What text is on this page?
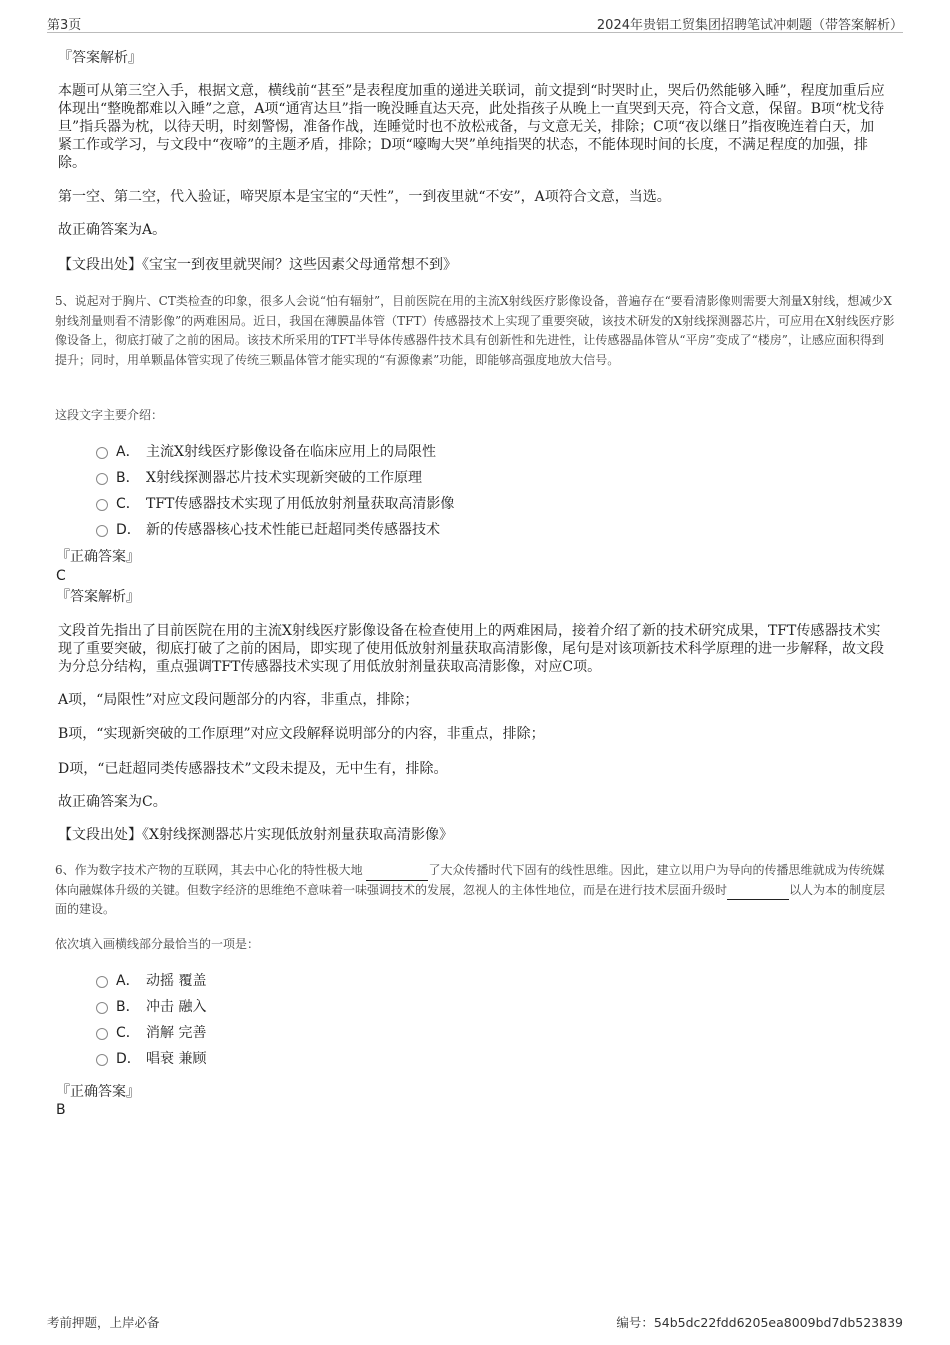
第3页	2024年贵铝工贸集团招聘笔试冲刺题（带答案解析）
『答案解析』
本题可从第三空入手，根据文意，横线前“甚至”是表程度加重的递进关联词，前文提到“时哭时止，哭后仍然能够入睡”，程度加重后应体现出“整晚都难以入睡”之意，A项“通宵达旦”指一晚没睡直达天亮，此处指孩子从晚上一直哭到天亮，符合文意，保留。B项“枕戈待旦”指兵器为枕，以待天明，时刻警惕，准备作战，连睡觉时也不放松戒备，与文意无关，排除；C项“夜以继日”指夜晚连着白天，加紧工作或学习，与文段中“夜啼”的主题矛盾，排除；D项“嚎啕大哭”单纯指哭的状态，不能体现时间的长度，不满足程度的加强，排除。
第一空、第二空，代入验证，啼哭原本是宝宝的“天性”，一到夜里就“不安”，A项符合文意，当选。
故正确答案为A。
【文段出处】《宝宝一到夜里就哭闹？这些因素父母通常想不到》
5、说起对于胸片、CT类检查的印象，很多人会说“怕有辐射”，目前医院在用的主流X射线医疗影像设备，普遍存在“要看清影像则需要大剂量X射线，想减少X射线剂量则看不清影像”的两难困局。近日，我国在薄膜晶体管（TFT）传感器技术上实现了重要突破，该技术研发的X射线探测器芯片，可应用在X射线医疗影像设备上，彻底打破了之前的困局。该技术所采用的TFT半导体传感器件技术具有创新性和先进性，让传感器晶体管从“平房”变成了“楼房”，让感应面积得到提升；同时，用单颗晶体管实现了传统三颗晶体管才能实现的“有源像素”功能，即能够高强度地放大信号。
这段文字主要介绍：
A． 主流X射线医疗影像设备在临床应用上的局限性
B． X射线探测器芯片技术实现新突破的工作原理
C． TFT传感器技术实现了用低放射剂量获取高清影像
D． 新的传感器核心技术性能已赶超同类传感器技术
『正确答案』
C
『答案解析』
文段首先指出了目前医院在用的主流X射线医疗影像设备在检查使用上的两难困局，接着介绍了新的技术研究成果，TFT传感器技术实现了重要突破，彻底打破了之前的困局，即实现了使用低放射剂量获取高清影像，尾句是对该项新技术科学原理的进一步解释，故文段为分总分结构，重点强调TFT传感器技术实现了用低放射剂量获取高清影像，对应C项。
A项，“局限性”对应文段问题部分的内容，非重点，排除；
B项，“实现新突破的工作原理”对应文段解释说明部分的内容，非重点，排除；
D项，“已赶超同类传感器技术”文段未提及，无中生有，排除。
故正确答案为C。
【文段出处】《X射线探测器芯片实现低放射剂量获取高清影像》
6、作为数字技术产物的互联网，其去中心化的特性极大地	了大众传播时代下固有的线性思维。因此，建立以用户为导向的传播思维就成为传统媒体向融媒体升级的关键。但数字经济的思维绝不意味着一味强调技术的发展，忽视人的主体性地位，而是在进行技术层面升级时	以人为本的制度层面的建设。
依次填入画横线部分最恰当的一项是：
A． 动摇 覆盖
B． 冲击 融入
C． 消解 完善
D． 唱衰 兼顾
『正确答案』
B
考前押题，上岸必备	编号：54b5dc22fdd6205ea8009bd7db523839
